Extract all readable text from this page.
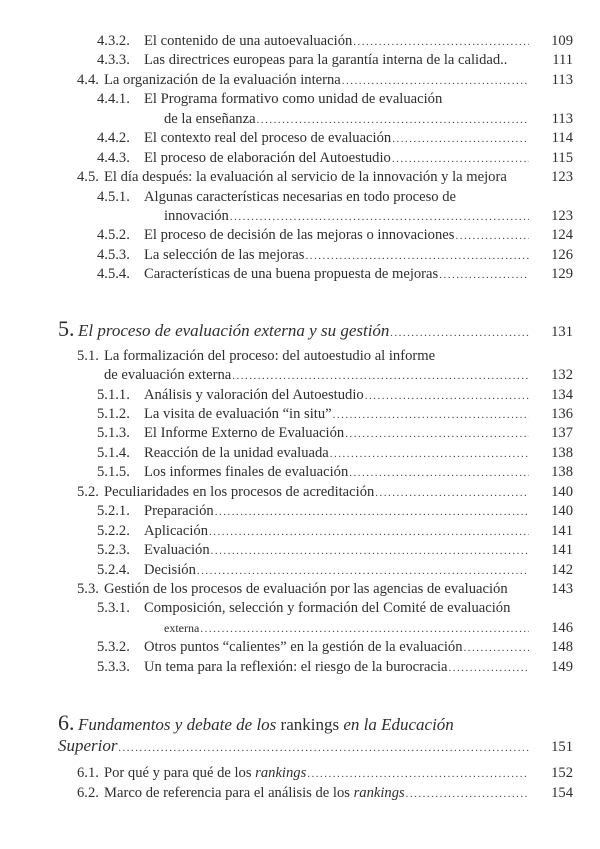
4.3.2. El contenido de una autoevaluación .....	109
4.3.3. Las directrices europeas para la garantía interna de la calidad..	111
4.4. La organización de la evaluación interna .....	113
4.4.1. El Programa formativo como unidad de evaluación
de la enseñanza .....	113
4.4.2. El contexto real del proceso de evaluación .....	114
4.4.3. El proceso de elaboración del Autoestudio .....	115
4.5. El día después: la evaluación al servicio de la innovación y la mejora	123
4.5.1. Algunas características necesarias en todo proceso de
innovación .....	123
4.5.2. El proceso de decisión de las mejoras o innovaciones .....	124
4.5.3. La selección de las mejoras .....	126
4.5.4. Características de una buena propuesta de mejoras .....	129
5. El proceso de evaluación externa y su gestión .....	131
5.1. La formalización del proceso: del autoestudio al informe
de evaluación externa .....	132
5.1.1. Análisis y valoración del Autoestudio .....	134
5.1.2. La visita de evaluación “in situ” .....	136
5.1.3. El Informe Externo de Evaluación .....	137
5.1.4. Reacción de la unidad evaluada .....	138
5.1.5. Los informes finales de evaluación .....	138
5.2. Peculiaridades en los procesos de acreditación .....	140
5.2.1. Preparación .....	140
5.2.2. Aplicación .....	141
5.2.3. Evaluación .....	141
5.2.4. Decisión .....	142
5.3. Gestión de los procesos de evaluación por las agencias de evaluación	143
5.3.1. Composición, selección y formación del Comité de evaluación
externa .....	146
5.3.2. Otros puntos “calientes” en la gestión de la evaluación .....	148
5.3.3. Un tema para la reflexión: el riesgo de la burocracia .....	149
6. Fundamentos y debate de los rankings en la Educación
Superior .....	151
6.1. Por qué y para qué de los rankings .....	152
6.2. Marco de referencia para el análisis de los rankings .....	154
